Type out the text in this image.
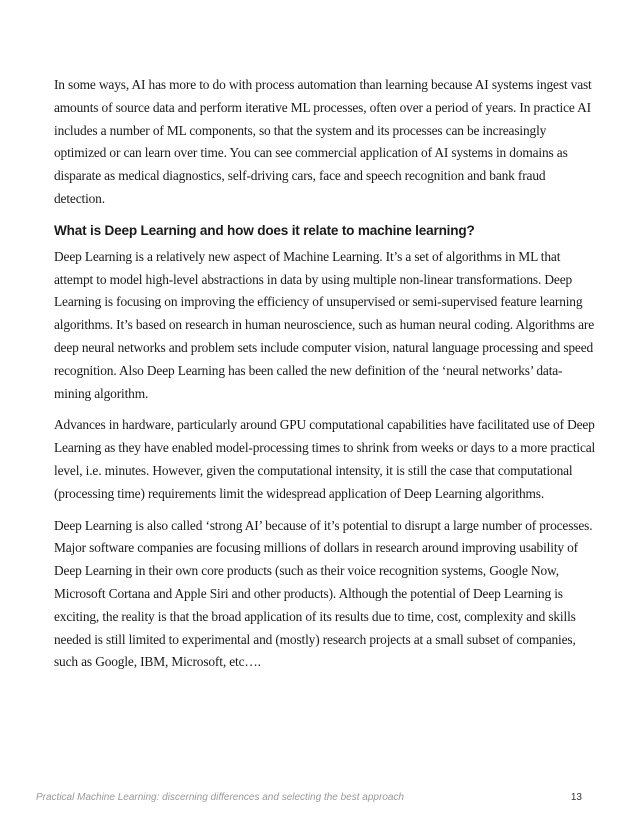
In some ways, AI has more to do with process automation than learning because AI systems ingest vast amounts of source data and perform iterative ML processes, often over a period of years. In practice AI includes a number of ML components, so that the system and its processes can be increasingly optimized or can learn over time. You can see commercial application of AI systems in domains as disparate as medical diagnostics, self-driving cars, face and speech recognition and bank fraud detection.

What is Deep Learning and how does it relate to machine learning?

Deep Learning is a relatively new aspect of Machine Learning. It’s a set of algorithms in ML that attempt to model high-level abstractions in data by using multiple non-linear transformations. Deep Learning is focusing on improving the efficiency of unsupervised or semi-supervised feature learning algorithms. It’s based on research in human neuroscience, such as human neural coding. Algorithms are deep neural networks and problem sets include computer vision, natural language processing and speed recognition. Also Deep Learning has been called the new definition of the ‘neural networks’ data-mining algorithm.

Advances in hardware, particularly around GPU computational capabilities have facilitated use of Deep Learning as they have enabled model-processing times to shrink from weeks or days to a more practical level, i.e. minutes. However, given the computational intensity, it is still the case that computational (processing time) requirements limit the widespread application of Deep Learning algorithms.

Deep Learning is also called ‘strong AI’ because of it’s potential to disrupt a large number of processes. Major software companies are focusing millions of dollars in research around improving usability of Deep Learning in their own core products (such as their voice recognition systems, Google Now, Microsoft Cortana and Apple Siri and other products). Although the potential of Deep Learning is exciting, the reality is that the broad application of its results due to time, cost, complexity and skills needed is still limited to experimental and (mostly) research projects at a small subset of companies, such as Google, IBM, Microsoft, etc….

Practical Machine Learning: discerning differences and selecting the best approach	13
